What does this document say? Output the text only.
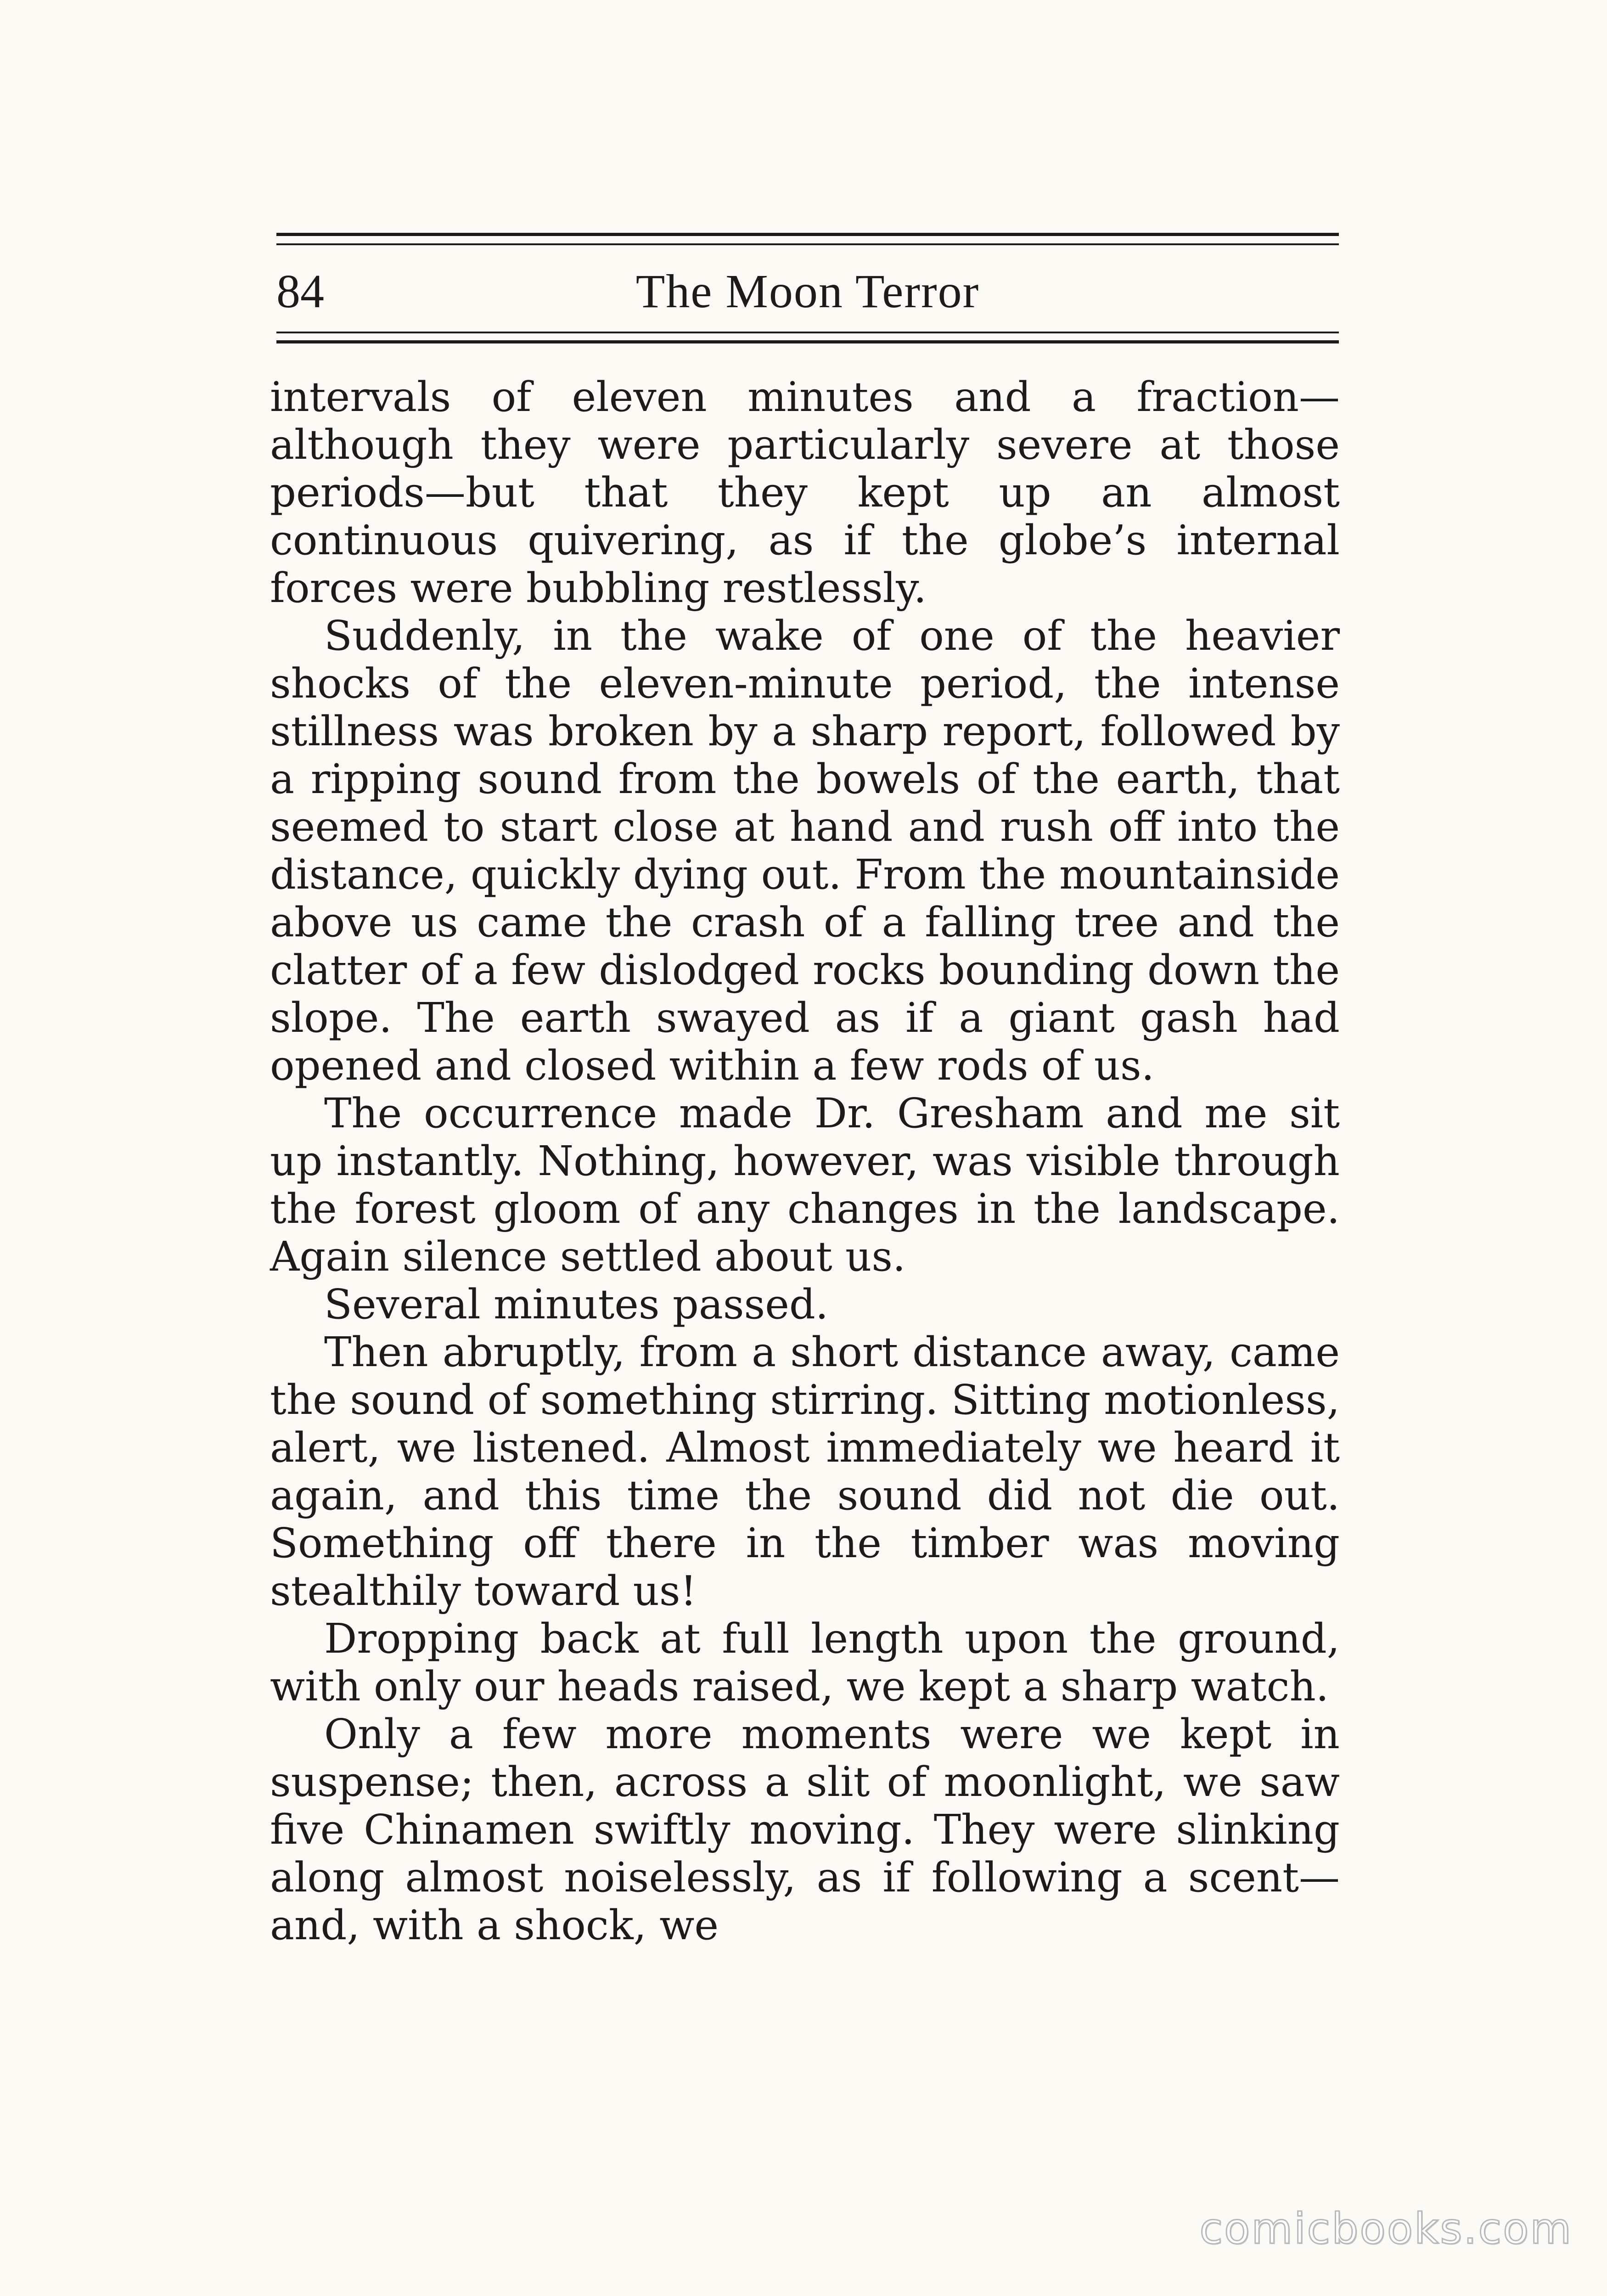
84	The Moon Terror

intervals of eleven minutes and a fraction—although they were particularly severe at those periods—but that they kept up an almost continuous quivering, as if the globe’s internal forces were bubbling restlessly.

Suddenly, in the wake of one of the heavier shocks of the eleven-minute period, the intense stillness was broken by a sharp report, followed by a ripping sound from the bowels of the earth, that seemed to start close at hand and rush off into the distance, quickly dying out. From the mountainside above us came the crash of a falling tree and the clatter of a few dislodged rocks bounding down the slope. The earth swayed as if a giant gash had opened and closed within a few rods of us.

The occurrence made Dr. Gresham and me sit up instantly. Nothing, however, was visible through the forest gloom of any changes in the landscape. Again silence settled about us.

Several minutes passed.

Then abruptly, from a short distance away, came the sound of something stirring. Sitting motionless, alert, we listened. Almost immediately we heard it again, and this time the sound did not die out. Something off there in the timber was moving stealthily toward us!

Dropping back at full length upon the ground, with only our heads raised, we kept a sharp watch.

Only a few more moments were we kept in suspense; then, across a slit of moonlight, we saw five Chinamen swiftly moving. They were slinking along almost noiselessly, as if following a scent—and, with a shock, we

comicbooks.com
